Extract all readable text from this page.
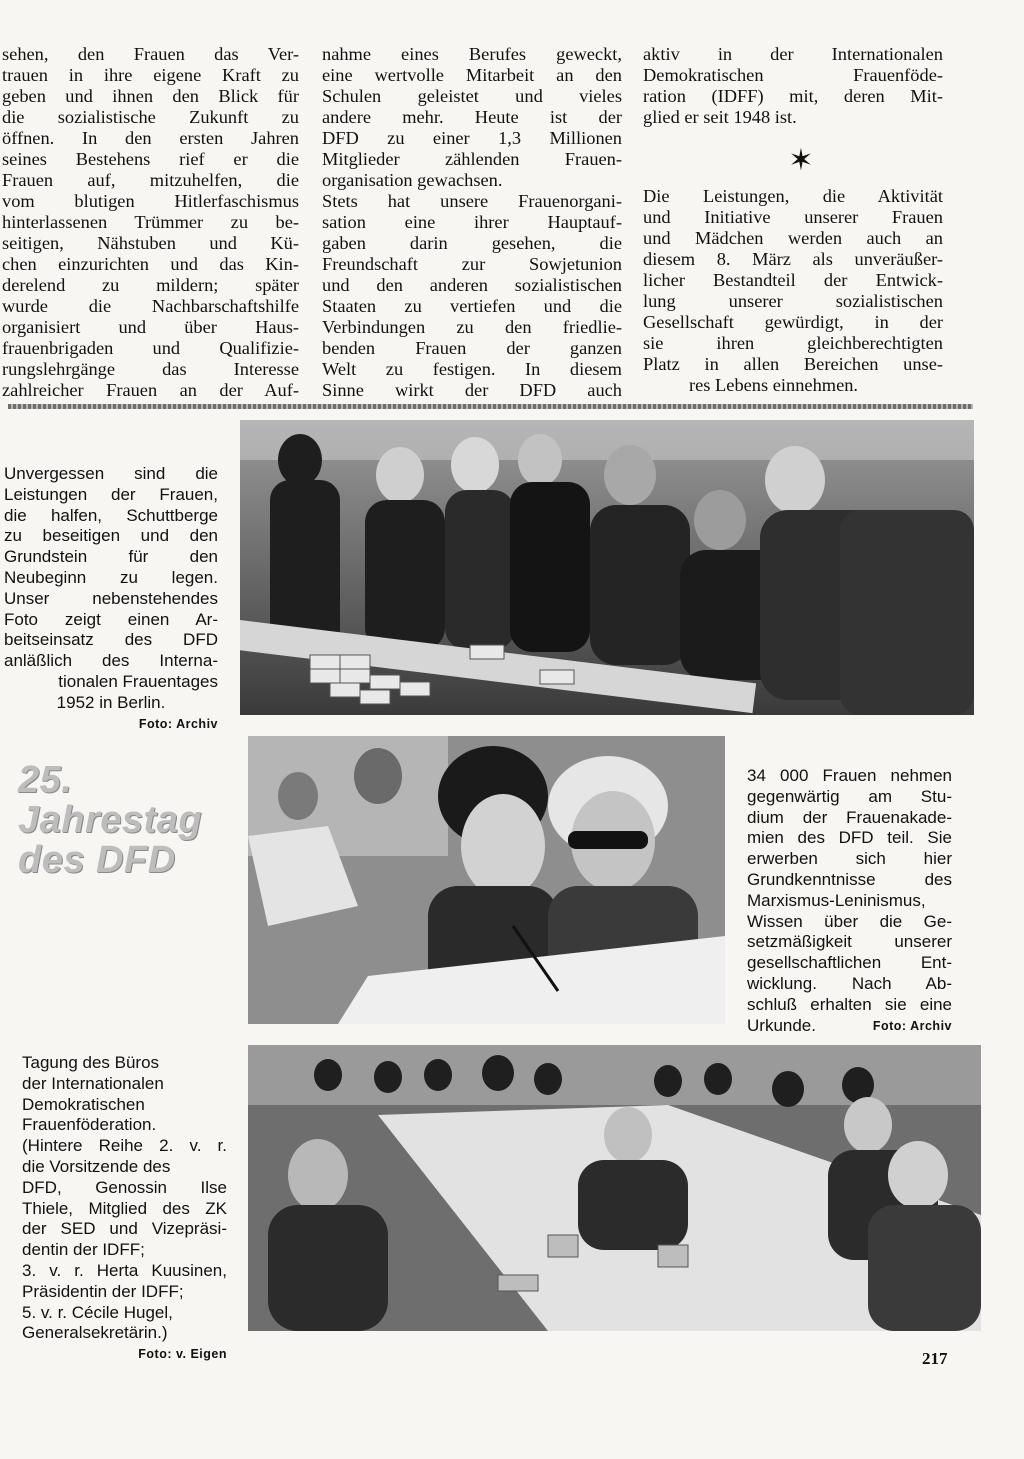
sehen, den Frauen das Ver-
trauen in ihre eigene Kraft zu
geben und ihnen den Blick für
die sozialistische Zukunft zu
öffnen. In den ersten Jahren
seines Bestehens rief er die
Frauen auf, mitzuhelfen, die
vom blutigen Hitlerfaschismus
hinterlassenen Trümmer zu be-
seitigen, Nähstuben und Kü-
chen einzurichten und das Kin-
derelend zu mildern; später
wurde die Nachbarschaftshilfe
organisiert und über Haus-
frauenbrigaden und Qualifizie-
rungslehrgänge das Interesse
zahlreicher Frauen an der Auf-
nahme eines Berufes geweckt,
eine wertvolle Mitarbeit an den
Schulen geleistet und vieles
andere mehr. Heute ist der
DFD zu einer 1,3 Millionen
Mitglieder zählenden Frauen-
organisation gewachsen.
Stets hat unsere Frauenorgani-
sation eine ihrer Hauptauf-
gaben darin gesehen, die
Freundschaft zur Sowjetunion
und den anderen sozialistischen
Staaten zu vertiefen und die
Verbindungen zu den friedlie-
benden Frauen der ganzen
Welt zu festigen. In diesem
Sinne wirkt der DFD auch
aktiv in der Internationalen
Demokratischen Frauenföde-
ration (IDFF) mit, deren Mit-
glied er seit 1948 ist.
✶
Die Leistungen, die Aktivität
und Initiative unserer Frauen
und Mädchen werden auch an
diesem 8. März als unveräußer-
licher Bestandteil der Entwick-
lung unserer sozialistischen
Gesellschaft gewürdigt, in der
sie ihren gleichberechtigten
Platz in allen Bereichen unse-
res Lebens einnehmen.
Unvergessen sind die
Leistungen der Frauen,
die halfen, Schuttberge
zu beseitigen und den
Grundstein für den
Neubeginn zu legen.
Unser nebenstehendes
Foto zeigt einen Ar-
beitseinsatz des DFD
anläßlich des Interna-
tionalen Frauentages
1952 in Berlin.
Foto: Archiv
25.
Jahrestag
des DFD
34 000 Frauen nehmen
gegenwärtig am Stu-
dium der Frauenakade-
mien des DFD teil. Sie
erwerben sich hier
Grundkenntnisse des
Marxismus-Leninismus,
Wissen über die Ge-
setzmäßigkeit unserer
gesellschaftlichen Ent-
wicklung. Nach Ab-
schluß erhalten sie eine
Urkunde.	Foto: Archiv
Tagung des Büros
der Internationalen
Demokratischen
Frauenföderation.
(Hintere Reihe 2. v. r.
die Vorsitzende des
DFD, Genossin Ilse
Thiele, Mitglied des ZK
der SED und Vizepräsi-
dentin der IDFF;
3. v. r. Herta Kuusinen,
Präsidentin der IDFF;
5. v. r. Cécile Hugel,
Generalsekretärin.)
Foto: v. Eigen	217
